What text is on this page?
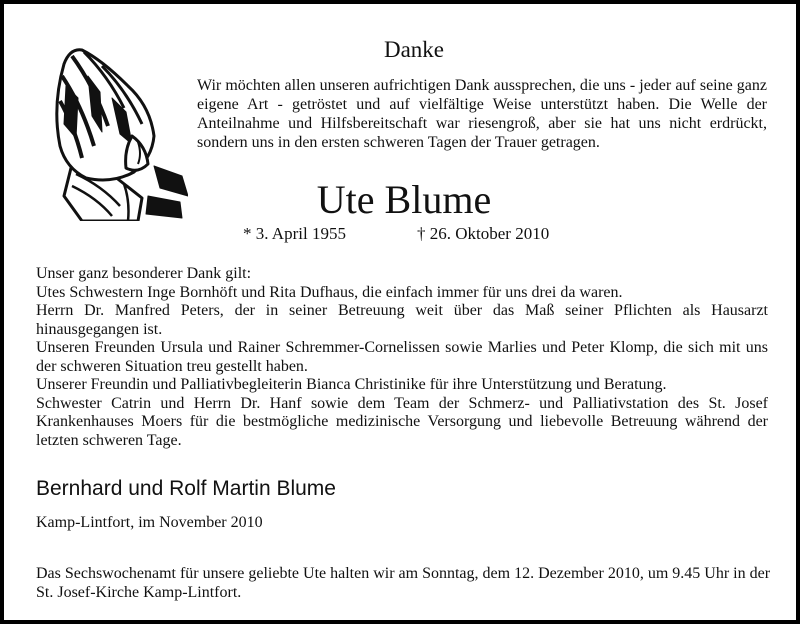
Danke
Wir möchten allen unseren aufrichtigen Dank aussprechen, die uns - jeder auf seine ganz eigene Art - getröstet und auf vielfältige Weise unterstützt haben. Die Welle der Anteilnahme und Hilfsbereitschaft war riesengroß, aber sie hat uns nicht erdrückt, sondern uns in den ersten schweren Tagen der Trauer getragen.
Ute Blume
* 3. April 1955	† 26. Oktober 2010

Unser ganz besonderer Dank gilt:

Utes Schwestern Inge Bornhöft und Rita Dufhaus, die einfach immer für uns drei da waren.

Herrn Dr. Manfred Peters, der in seiner Betreuung weit über das Maß seiner Pflichten als Hausarzt hinausgegangen ist.

Unseren Freunden Ursula und Rainer Schremmer-Cornelissen sowie Marlies und Peter Klomp, die sich mit uns der schweren Situation treu gestellt haben.

Unserer Freundin und Palliativbegleiterin Bianca Christinike für ihre Unterstützung und Beratung.

Schwester Catrin und Herrn Dr. Hanf sowie dem Team der Schmerz- und Palliativstation des St. Josef Krankenhauses Moers für die bestmögliche medizinische Versorgung und liebevolle Betreuung während der letzten schweren Tage.

Bernhard und Rolf Martin Blume
Kamp-Lintfort, im November 2010
Das Sechswochenamt für unsere geliebte Ute halten wir am Sonntag, dem 12. Dezember 2010, um 9.45 Uhr in der St. Josef-Kirche Kamp-Lintfort.
